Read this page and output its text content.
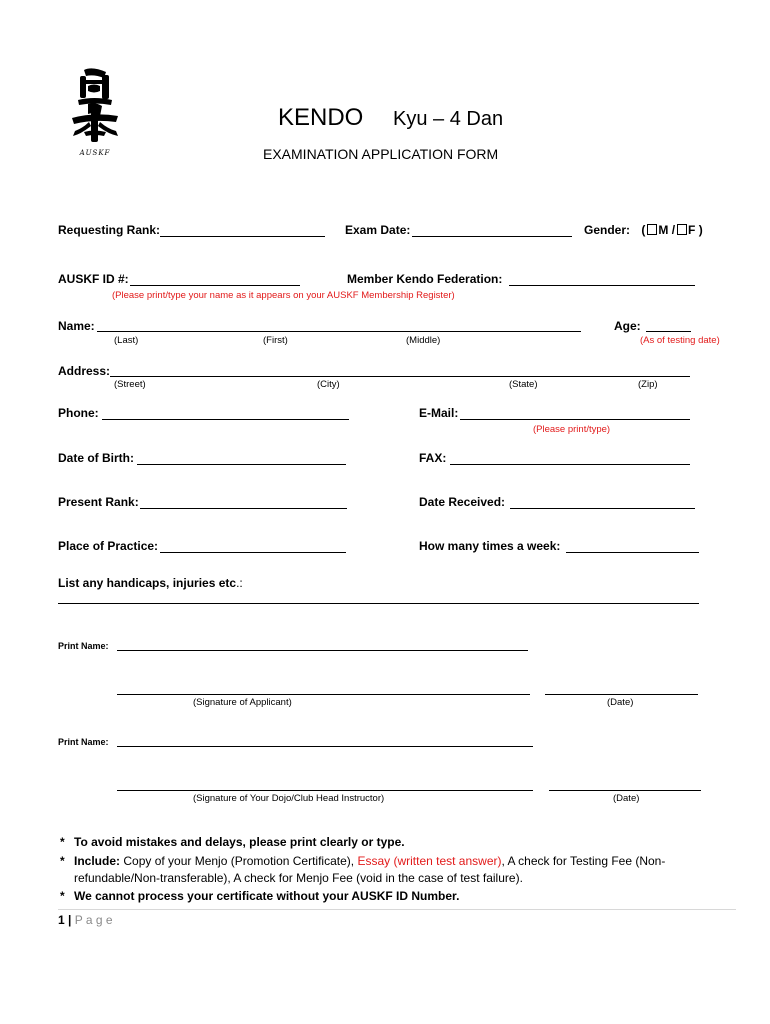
AUSKF
KENDO Kyu – 4 Dan
EXAMINATION APPLICATION FORM
Requesting Rank:	Exam Date:	Gender: ( M / F )
AUSKF ID #:	Member Kendo Federation:
(Please print/type your name as it appears on your AUSKF Membership Register)
Name:	Age:
(Last)	(First)	(Middle)	(As of testing date)
Address:
(Street)	(City)	(State)	(Zip)
Phone:	E-Mail:
(Please print/type)
Date of Birth:	FAX:
Present Rank:	Date Received:
Place of Practice:	How many times a week:
List any handicaps, injuries etc.:
Print Name:
(Signature of Applicant)	(Date)
Print Name:
(Signature of Your Dojo/Club Head Instructor)	(Date)
* To avoid mistakes and delays, please print clearly or type.
* Include: Copy of your Menjo (Promotion Certificate), Essay (written test answer), A check for Testing Fee (Non-
refundable/Non-transferable), A check for Menjo Fee (void in the case of test failure).
* We cannot process your certificate without your AUSKF ID Number.
1 | P a g e
